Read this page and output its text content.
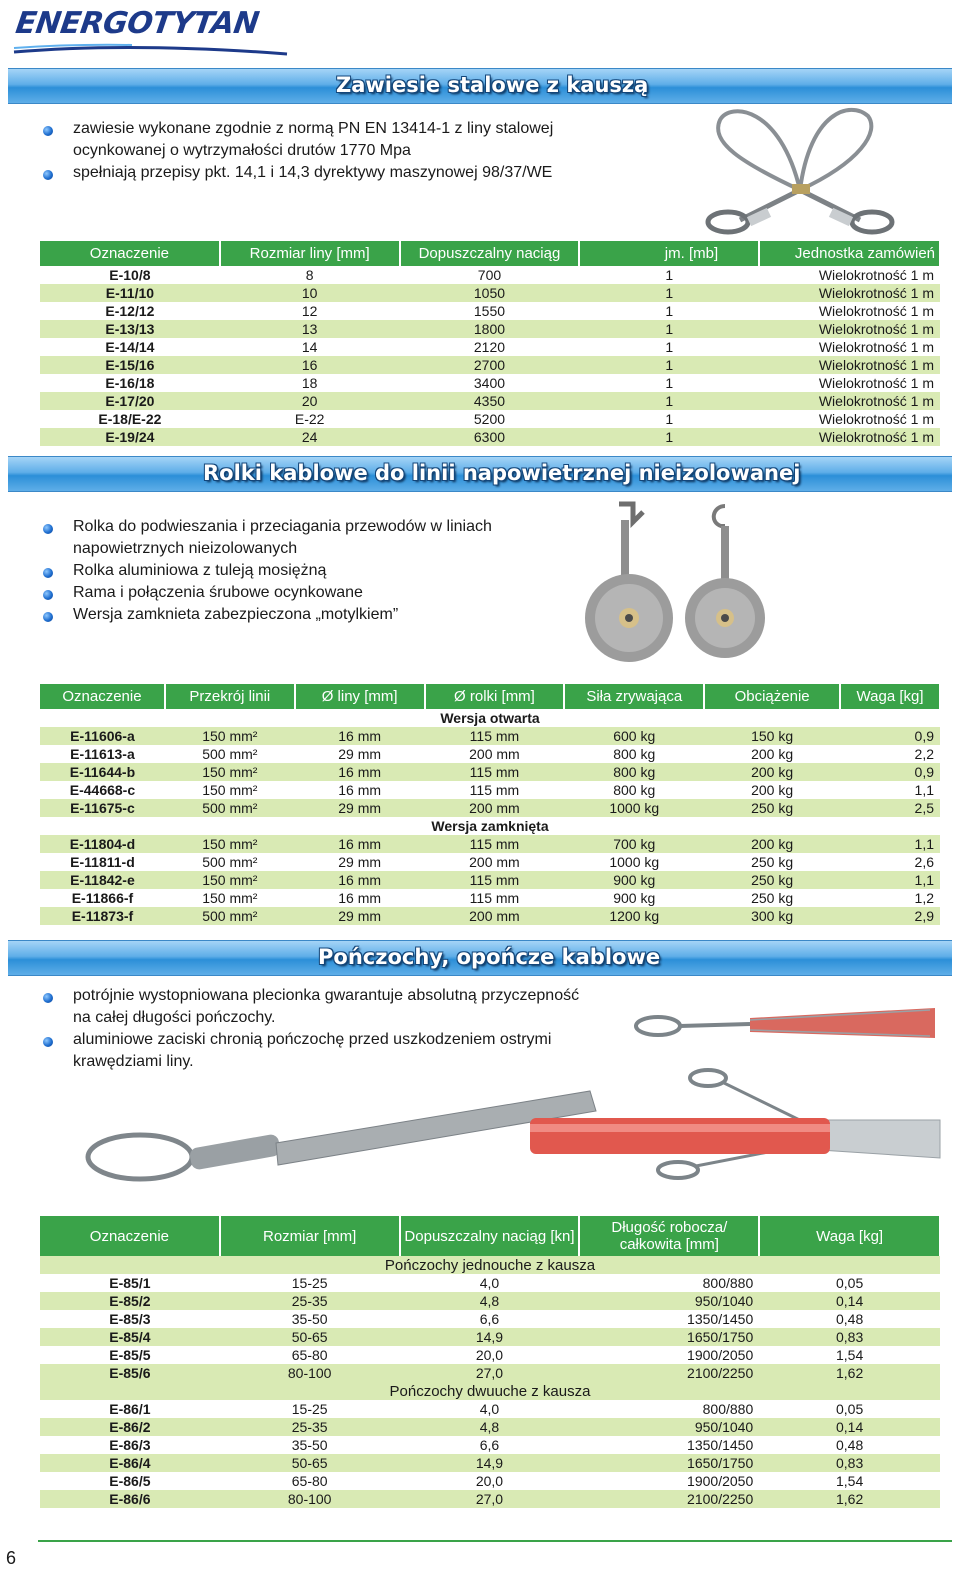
ENERGOTYTAN
Zawiesie stalowe z kauszą
zawiesie wykonane zgodnie z normą PN EN 13414-1 z liny stalowej ocynkowanej o wytrzymałości drutów 1770 Mpa
spełniają przepisy pkt. 14,1 i 14,3 dyrektywy maszynowej 98/37/WE
Oznaczenie	Rozmiar liny [mm]	Dopuszczalny naciąg	jm. [mb]	Jednostka zamówień
E-10/8	8	700	1	Wielokrotność 1 m
E-11/10	10	1050	1	Wielokrotność 1 m
E-12/12	12	1550	1	Wielokrotność 1 m
E-13/13	13	1800	1	Wielokrotność 1 m
E-14/14	14	2120	1	Wielokrotność 1 m
E-15/16	16	2700	1	Wielokrotność 1 m
E-16/18	18	3400	1	Wielokrotność 1 m
E-17/20	20	4350	1	Wielokrotność 1 m
E-18/E-22	E-22	5200	1	Wielokrotność 1 m
E-19/24	24	6300	1	Wielokrotność 1 m
Rolki kablowe do linii napowietrznej nieizolowanej
Rolka do podwieszania i przeciagania przewodów w liniach napowietrznych nieizolowanych
Rolka aluminiowa z tuleją mosiężną
Rama i połączenia śrubowe ocynkowane
Wersja zamknieta zabezpieczona „motylkiem”
Oznaczenie	Przekrój linii	Ø liny [mm]	Ø rolki [mm]	Siła zrywająca	Obciążenie	Waga [kg]
Wersja otwarta						
E-11606-a	150 mm²	16 mm	115 mm	600 kg	150 kg	0,9
E-11613-a	500 mm²	29 mm	200 mm	800 kg	200 kg	2,2
E-11644-b	150 mm²	16 mm	115 mm	800 kg	200 kg	0,9
E-44668-c	150 mm²	16 mm	115 mm	800 kg	200 kg	1,1
E-11675-c	500 mm²	29 mm	200 mm	1000 kg	250 kg	2,5
Wersja zamknięta						
E-11804-d	150 mm²	16 mm	115 mm	700 kg	200 kg	1,1
E-11811-d	500 mm²	29 mm	200 mm	1000 kg	250 kg	2,6
E-11842-e	150 mm²	16 mm	115 mm	900 kg	250 kg	1,1
E-11866-f	150 mm²	16 mm	115 mm	900 kg	250 kg	1,2
E-11873-f	500 mm²	29 mm	200 mm	1200 kg	300 kg	2,9
Pończochy, opończe kablowe
potrójnie wystopniowana plecionka gwarantuje absolutną przyczepność na całej długości pończochy.
aluminiowe zaciski chronią pończochę przed uszkodzeniem ostrymi krawędziami liny.
Oznaczenie	Rozmiar [mm]	Dopuszczalny naciąg [kn]	Długość robocza/ całkowita [mm]	Waga [kg]
Pończochy jednouche z kausza				
E-85/1	15-25	4,0	800/880	0,05
E-85/2	25-35	4,8	950/1040	0,14
E-85/3	35-50	6,6	1350/1450	0,48
E-85/4	50-65	14,9	1650/1750	0,83
E-85/5	65-80	20,0	1900/2050	1,54
E-85/6	80-100	27,0	2100/2250	1,62
Pończochy dwuuche z kausza				
E-86/1	15-25	4,0	800/880	0,05
E-86/2	25-35	4,8	950/1040	0,14
E-86/3	35-50	6,6	1350/1450	0,48
E-86/4	50-65	14,9	1650/1750	0,83
E-86/5	65-80	20,0	1900/2050	1,54
E-86/6	80-100	27,0	2100/2250	1,62
6
